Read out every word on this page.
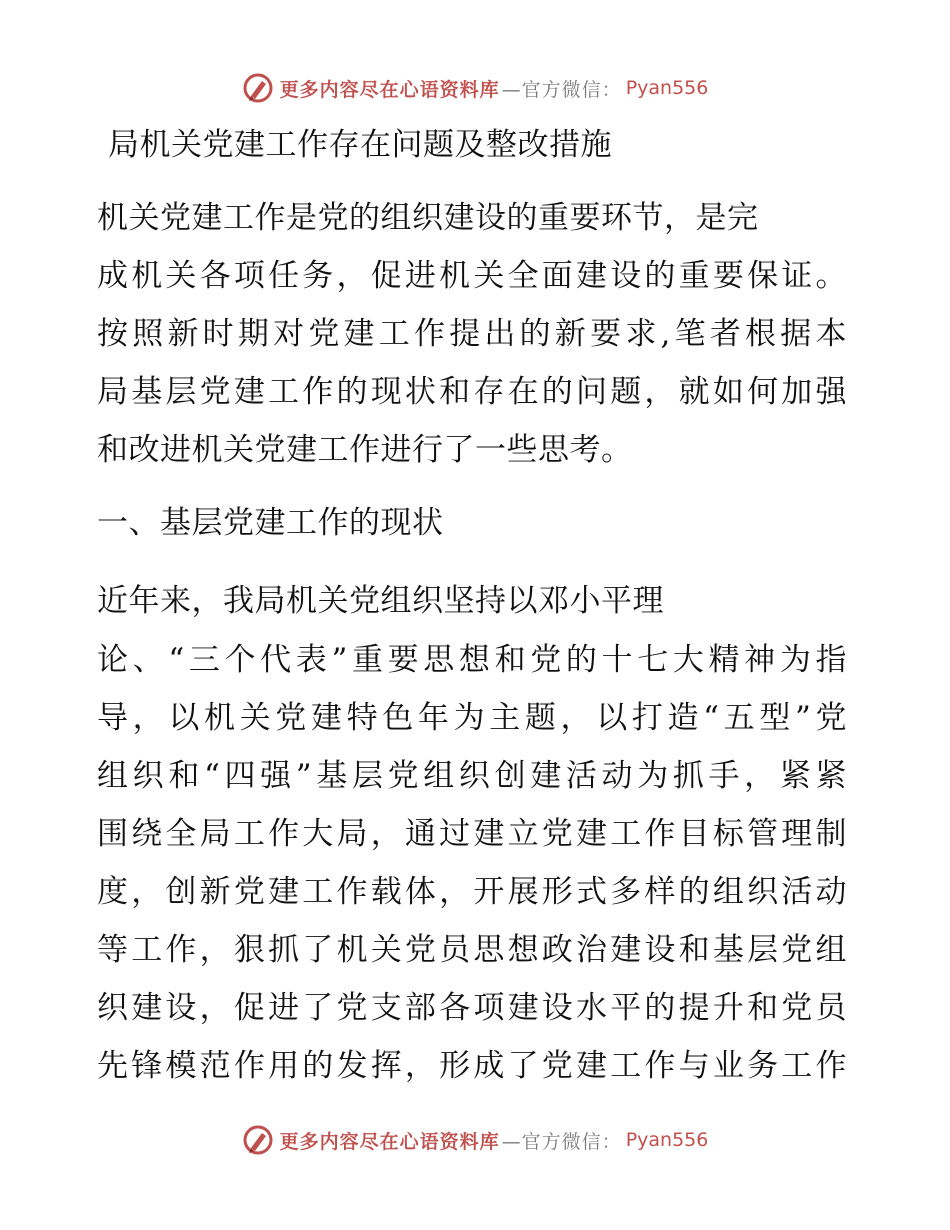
更多内容尽在心语资料库 —官方微信： Pyan556
局机关党建工作存在问题及整改措施
机关党建工作是党的组织建设的重要环节，是完
成机关各项任务，促进机关全面建设的重要保证。
按照新时期对党建工作提出的新要求,笔者根据本
局基层党建工作的现状和存在的问题，就如何加强
和改进机关党建工作进行了一些思考。
一、基层党建工作的现状
近年来，我局机关党组织坚持以邓小平理
论、“三个代表”重要思想和党的十七大精神为指
导，以机关党建特色年为主题，以打造“五型”党
组织和“四强”基层党组织创建活动为抓手，紧紧
围绕全局工作大局，通过建立党建工作目标管理制
度，创新党建工作载体，开展形式多样的组织活动
等工作，狠抓了机关党员思想政治建设和基层党组
织建设，促进了党支部各项建设水平的提升和党员
先锋模范作用的发挥，形成了党建工作与业务工作
更多内容尽在心语资料库 —官方微信： Pyan556
